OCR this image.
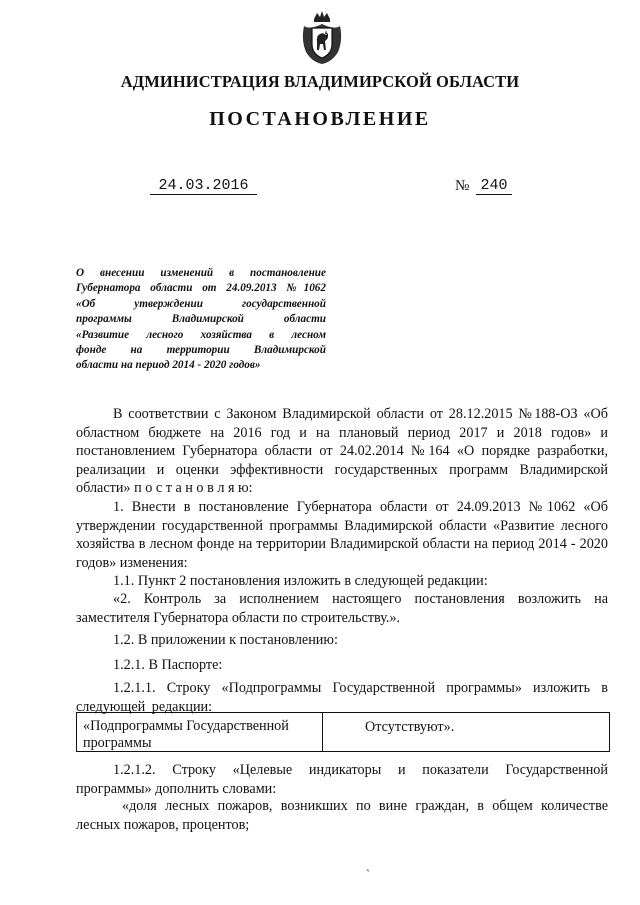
АДМИНИСТРАЦИЯ ВЛАДИМИРСКОЙ ОБЛАСТИ
ПОСТАНОВЛЕНИЕ
24.03.2016	№ 240
О внесении изменений в постановление
Губернатора области от 24.09.2013 №1062
«Об утверждении государственной
программы Владимирской области
«Развитие лесного хозяйства в лесном
фонде на территории Владимирской
области на период 2014 - 2020 годов»
В соответствии с Законом Владимирской области от 28.12.2015 №188-ОЗ «Об областном бюджете на 2016 год и на плановый период 2017 и 2018 годов» и постановлением Губернатора области от 24.02.2014 №164 «О порядке разработки, реализации и оценки эффективности государственных программ Владимирской области» п о с т а н о в л я ю:
1. Внести в постановление Губернатора области от 24.09.2013 №1062 «Об утверждении государственной программы Владимирской области «Развитие лесного хозяйства в лесном фонде на территории Владимирской области на период 2014 - 2020 годов» изменения:
1.1. Пункт 2 постановления изложить в следующей редакции:
«2. Контроль за исполнением настоящего постановления возложить на заместителя Губернатора области по строительству.».
1.2. В приложении к постановлению:
1.2.1. В Паспорте:
1.2.1.1. Строку «Подпрограммы Государственной программы» изложить в следующей редакции:
«Подпрограммы Государственной программы
Отсутствуют».
1.2.1.2. Строку «Целевые индикаторы и показатели Государственной программы» дополнить словами:
«доля лесных пожаров, возникших по вине граждан, в общем количестве лесных пожаров, процентов;
ˎ
